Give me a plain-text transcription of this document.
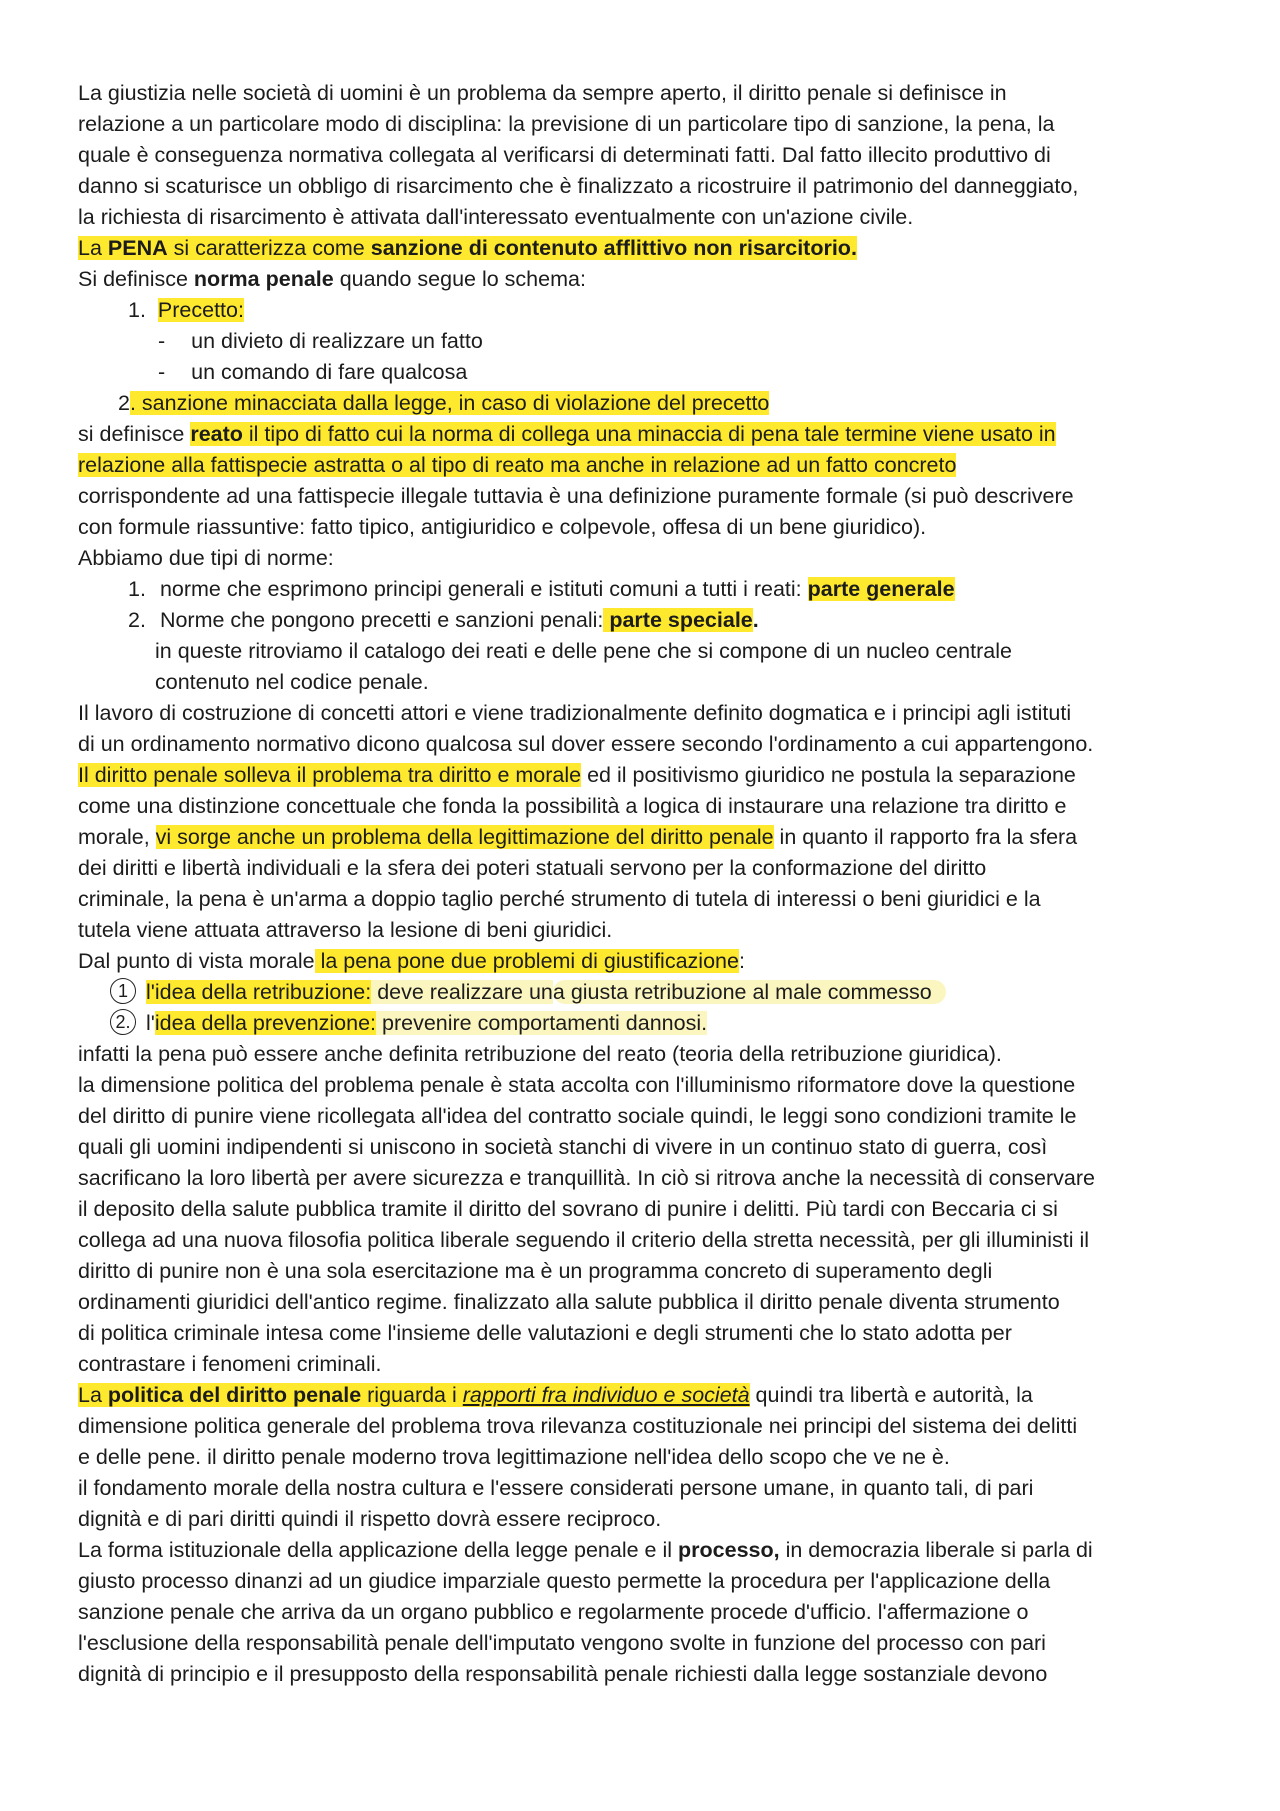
La giustizia nelle società di uomini è un problema da sempre aperto, il diritto penale si definisce in
relazione a un particolare modo di disciplina: la previsione di un particolare tipo di sanzione, la pena, la
quale è conseguenza normativa collegata al verificarsi di determinati fatti. Dal fatto illecito produttivo di
danno si scaturisce un obbligo di risarcimento che è finalizzato a ricostruire il patrimonio del danneggiato,
la richiesta di risarcimento è attivata dall'interessato eventualmente con un'azione civile.
La PENA si caratterizza come sanzione di contenuto afflittivo non risarcitorio.
Si definisce norma penale quando segue lo schema:
1. Precetto:
- un divieto di realizzare un fatto
- un comando di fare qualcosa
2. sanzione minacciata dalla legge, in caso di violazione del precetto
si definisce reato il tipo di fatto cui la norma di collega una minaccia di pena tale termine viene usato in
relazione alla fattispecie astratta o al tipo di reato ma anche in relazione ad un fatto concreto
corrispondente ad una fattispecie illegale tuttavia è una definizione puramente formale (si può descrivere
con formule riassuntive: fatto tipico, antigiuridico e colpevole, offesa di un bene giuridico).
Abbiamo due tipi di norme:
1. norme che esprimono principi generali e istituti comuni a tutti i reati: parte generale
2. Norme che pongono precetti e sanzioni penali: parte speciale.
in queste ritroviamo il catalogo dei reati e delle pene che si compone di un nucleo centrale
contenuto nel codice penale.
Il lavoro di costruzione di concetti attori e viene tradizionalmente definito dogmatica e i principi agli istituti
di un ordinamento normativo dicono qualcosa sul dover essere secondo l'ordinamento a cui appartengono.
Il diritto penale solleva il problema tra diritto e morale ed il positivismo giuridico ne postula la separazione
come una distinzione concettuale che fonda la possibilità a logica di instaurare una relazione tra diritto e
morale, vi sorge anche un problema della legittimazione del diritto penale in quanto il rapporto fra la sfera
dei diritti e libertà individuali e la sfera dei poteri statuali servono per la conformazione del diritto
criminale, la pena è un'arma a doppio taglio perché strumento di tutela di interessi o beni giuridici e la
tutela viene attuata attraverso la lesione di beni giuridici.
Dal punto di vista morale la pena pone due problemi di giustificazione:
1 l'idea della retribuzione: deve realizzare una giusta retribuzione al male commesso
2. l'idea della prevenzione: prevenire comportamenti dannosi.
infatti la pena può essere anche definita retribuzione del reato (teoria della retribuzione giuridica).
la dimensione politica del problema penale è stata accolta con l'illuminismo riformatore dove la questione
del diritto di punire viene ricollegata all'idea del contratto sociale quindi, le leggi sono condizioni tramite le
quali gli uomini indipendenti si uniscono in società stanchi di vivere in un continuo stato di guerra, così
sacrificano la loro libertà per avere sicurezza e tranquillità. In ciò si ritrova anche la necessità di conservare
il deposito della salute pubblica tramite il diritto del sovrano di punire i delitti. Più tardi con Beccaria ci si
collega ad una nuova filosofia politica liberale seguendo il criterio della stretta necessità, per gli illuministi il
diritto di punire non è una sola esercitazione ma è un programma concreto di superamento degli
ordinamenti giuridici dell'antico regime. finalizzato alla salute pubblica il diritto penale diventa strumento
di politica criminale intesa come l'insieme delle valutazioni e degli strumenti che lo stato adotta per
contrastare i fenomeni criminali.
La politica del diritto penale riguarda i rapporti fra individuo e società quindi tra libertà e autorità, la
dimensione politica generale del problema trova rilevanza costituzionale nei principi del sistema dei delitti
e delle pene. il diritto penale moderno trova legittimazione nell'idea dello scopo che ve ne è.
il fondamento morale della nostra cultura e l'essere considerati persone umane, in quanto tali, di pari
dignità e di pari diritti quindi il rispetto dovrà essere reciproco.
La forma istituzionale della applicazione della legge penale e il processo, in democrazia liberale si parla di
giusto processo dinanzi ad un giudice imparziale questo permette la procedura per l'applicazione della
sanzione penale che arriva da un organo pubblico e regolarmente procede d'ufficio. l'affermazione o
l'esclusione della responsabilità penale dell'imputato vengono svolte in funzione del processo con pari
dignità di principio e il presupposto della responsabilità penale richiesti dalla legge sostanziale devono
